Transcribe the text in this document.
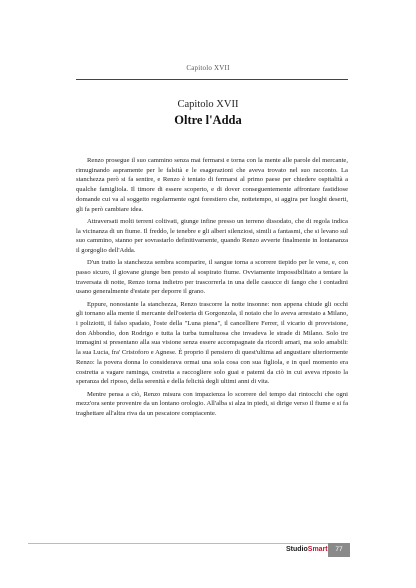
Capitolo XVII
Capitolo XVII
Oltre l'Adda

Renzo prosegue il suo cammino senza mai fermarsi e torna con la mente alle parole del mercante, rimuginando aspramente per le falsità e le esagerazioni che aveva trovato nel suo racconto. La stanchezza però si fa sentire, e Renzo è tentato di fermarsi al primo paese per chiedere ospitalità a qualche famigliola. Il timore di essere scoperto, e di dover conseguentemente affrontare fastidiose domande cui va al soggetto regolarmente ogni forestiero che, nottetempo, si aggira per luoghi deserti, gli fa però cambiare idea.

Attraversati molti terreni coltivati, giunge infine presso un terreno dissodato, che di regola indica la vicinanza di un fiume. Il freddo, le tenebre e gli alberi silenziosi, simili a fantasmi, che si levano sul suo cammino, stanno per sovrastarlo definitivamente, quando Renzo avverte finalmente in lontananza il gorgoglio dell'Adda.

D'un tratto la stanchezza sembra scomparire, il sangue torna a scorrere tiepido per le vene, e, con passo sicuro, il giovane giunge ben presto al sospirato fiume. Ovviamente impossibilitato a tentare la traversata di notte, Renzo torna indietro per trascorrerla in una delle casucce di fango che i contadini usano generalmente d'estate per deporre il grano.

Eppure, nonostante la stanchezza, Renzo trascorre la notte insonne: non appena chiude gli occhi gli tornano alla mente il mercante dell'osteria di Gorgonzola, il notaio che lo aveva arrestato a Milano, i poliziotti, il falso spadaio, l'oste della "Luna piena", il cancelliere Ferrer, il vicario di provvisione, don Abbondio, don Rodrigo e tutta la turba tumultuosa che invadeva le strade di Milano. Solo tre immagini si presentano alla sua visione senza essere accompagnate da ricordi amari, ma solo amabili: la sua Lucia, fra' Cristoforo e Agnese. È proprio il pensiero di quest'ultima ad angustiare ulteriormente Renzo: la povera donna lo considerava ormai una sola cosa con sua figliola, e in quel momento era costretta a vagare raminga, costretta a raccogliere solo guai e patemi da ciò in cui aveva riposto la speranza del riposo, della serenità e della felicità degli ultimi anni di vita.

Mentre pensa a ciò, Renzo misura con impazienza lo scorrere del tempo dai rintocchi che ogni mezz'ora sente provenire da un lontano orologio. All'alba si alza in piedi, si dirige verso il fiume e si fa traghettare all'altra riva da un pescatore compiacente.

StudioSmart	77
